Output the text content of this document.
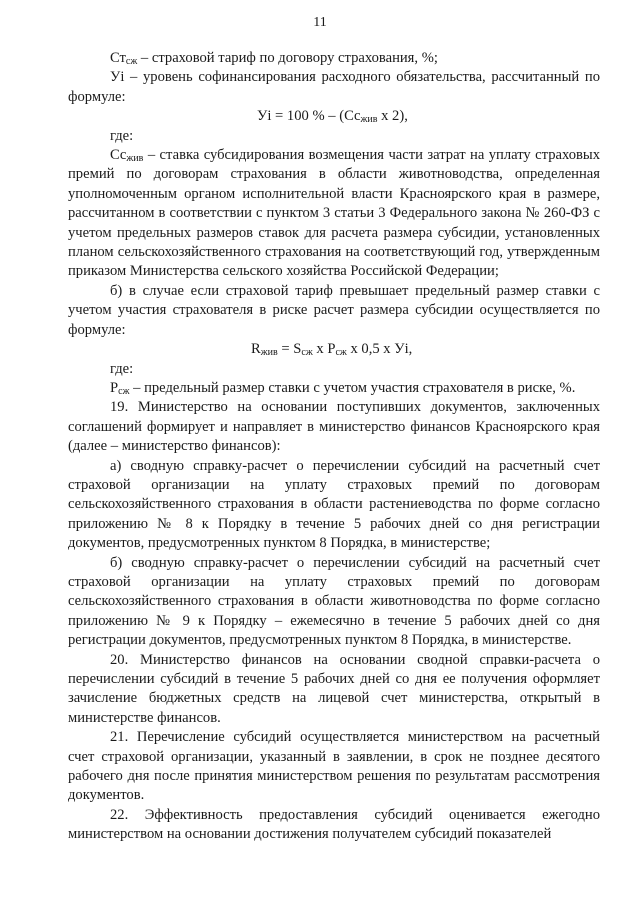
11

$Ст_{сж}$ – страховой тариф по договору страхования, %;

Уi – уровень софинансирования расходного обязательства, рассчитанный по формуле:

Уi = 100 % – ($Сс_{жив}$ х 2),

где:

$Сс_{жив}$ – ставка субсидирования возмещения части затрат на уплату страховых премий по договорам страхования в области животноводства, определенная уполномоченным органом исполнительной власти Красноярского края в размере, рассчитанном в соответствии с пунктом 3 статьи 3 Федерального закона № 260-ФЗ с учетом предельных размеров ставок для расчета размера субсидии, установленных планом сельскохозяйственного страхования на соответствующий год, утвержденным приказом Министерства сельского хозяйства Российской Федерации;

б) в случае если страховой тариф превышает предельный размер ставки с учетом участия страхователя в риске расчет размера субсидии осуществляется по формуле:

$R_{жив} = S_{сж}$ х $Р_{сж}$ х 0,5 х Уi,

где:

$Р_{сж}$ – предельный размер ставки с учетом участия страхователя в риске, %.

19. Министерство на основании поступивших документов, заключенных соглашений формирует и направляет в министерство финансов Красноярского края (далее – министерство финансов):

а) сводную справку-расчет о перечислении субсидий на расчетный счет страховой организации на уплату страховых премий по договорам сельскохозяйственного страхования в области растениеводства по форме согласно приложению № 8 к Порядку в течение 5 рабочих дней со дня регистрации документов, предусмотренных пунктом 8 Порядка, в министерстве;

б) сводную справку-расчет о перечислении субсидий на расчетный счет страховой организации на уплату страховых премий по договорам сельскохозяйственного страхования в области животноводства по форме согласно приложению № 9 к Порядку – ежемесячно в течение 5 рабочих дней со дня регистрации документов, предусмотренных пунктом 8 Порядка, в министерстве.

20. Министерство финансов на основании сводной справки-расчета о перечислении субсидий в течение 5 рабочих дней со дня ее получения оформляет зачисление бюджетных средств на лицевой счет министерства, открытый в министерстве финансов.

21. Перечисление субсидий осуществляется министерством на расчетный счет страховой организации, указанный в заявлении, в срок не позднее десятого рабочего дня после принятия министерством решения по результатам рассмотрения документов.

22. Эффективность предоставления субсидий оценивается ежегодно министерством на основании достижения получателем субсидий показателей
